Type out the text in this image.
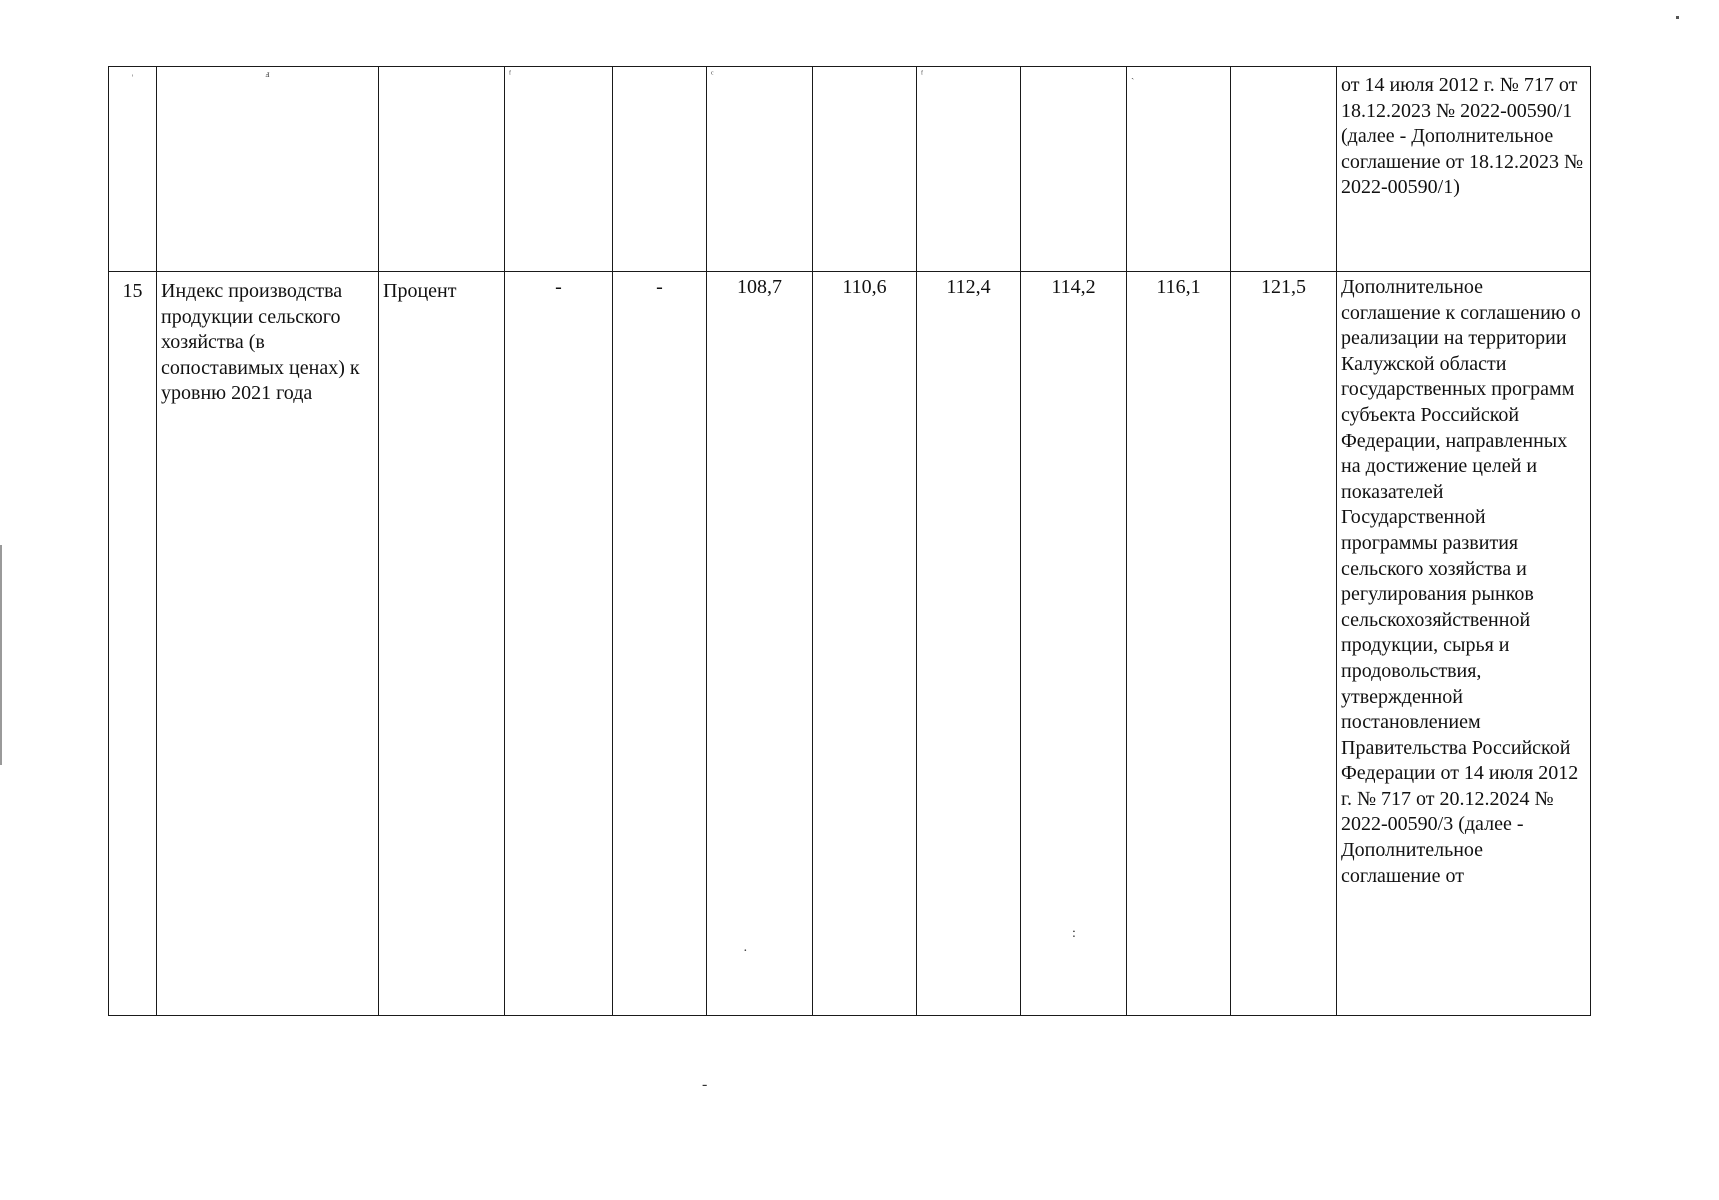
˒	ⅎ		ᶠ		ᶜ		ᶠ		ˎ		от 14 июля 2012 г. № 717 от 18.12.2023 № 2022-00590/1 (далее - Дополнительное соглашение от 18.12.2023 № 2022-00590/1)
15	Индекс производства продукции сельского хозяйства (в сопоставимых ценах) к уровню 2021 года	Процент	-	-	108,7	110,6	112,4	114,2	116,1	121,5	Дополнительное соглашение к соглашению о реализации на территории Калужской области государственных программ субъекта Российской Федерации, направленных на достижение целей и показателей Государственной программы развития сельского хозяйства и регулирования рынков сельскохозяйственной продукции, сырья и продовольствия, утвержденной постановлением Правительства Российской Федерации от 14 июля 2012 г. № 717 от 20.12.2024 № 2022-00590/3 (далее - Дополнительное соглашение от
·
:
-
